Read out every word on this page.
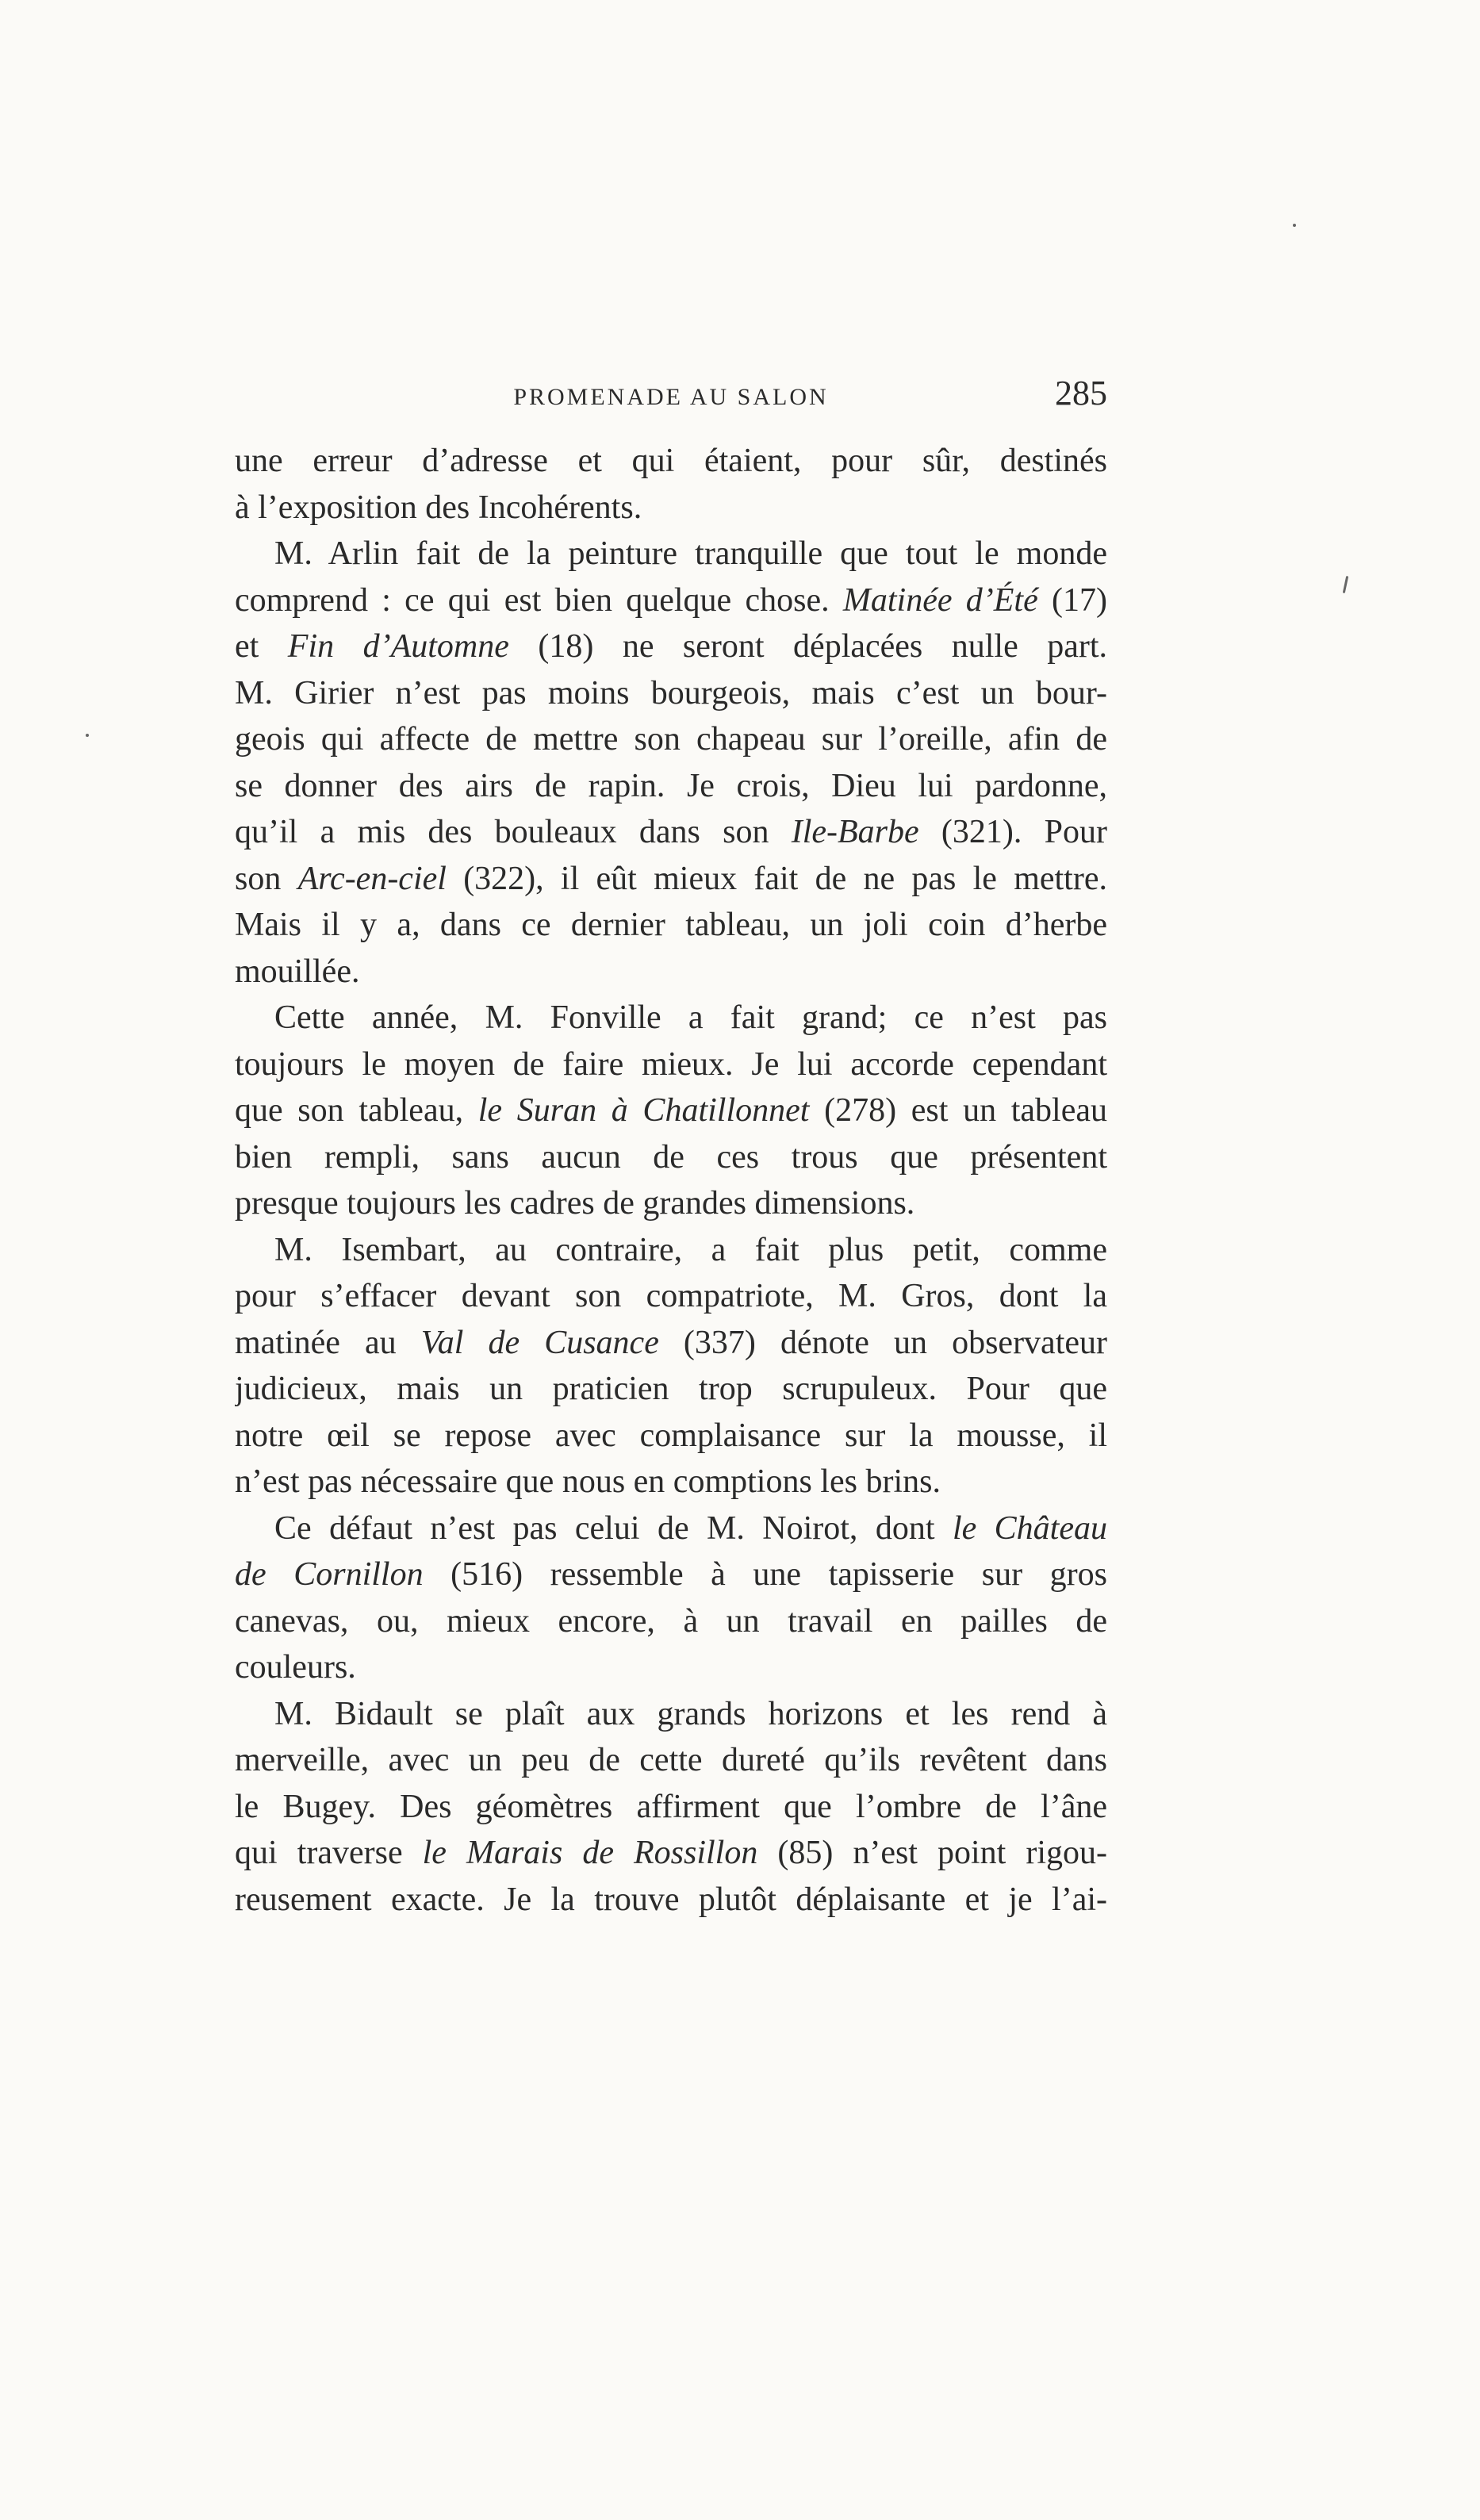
PROMENADE AU SALON	285
une erreur d’adresse et qui étaient, pour sûr, destinés
à l’exposition des Incohérents.
M. Arlin fait de la peinture tranquille que tout le monde
comprend : ce qui est bien quelque chose. Matinée d’Été (17)
et Fin d’Automne (18) ne seront déplacées nulle part.
M. Girier n’est pas moins bourgeois, mais c’est un bour-
geois qui affecte de mettre son chapeau sur l’oreille, afin de
se donner des airs de rapin. Je crois, Dieu lui pardonne,
qu’il a mis des bouleaux dans son Ile-Barbe (321). Pour
son Arc-en-ciel (322), il eût mieux fait de ne pas le mettre.
Mais il y a, dans ce dernier tableau, un joli coin d’herbe
mouillée.
Cette année, M. Fonville a fait grand; ce n’est pas
toujours le moyen de faire mieux. Je lui accorde cependant
que son tableau, le Suran à Chatillonnet (278) est un tableau
bien rempli, sans aucun de ces trous que présentent
presque toujours les cadres de grandes dimensions.
M. Isembart, au contraire, a fait plus petit, comme
pour s’effacer devant son compatriote, M. Gros, dont la
matinée au Val de Cusance (337) dénote un observateur
judicieux, mais un praticien trop scrupuleux. Pour que
notre œil se repose avec complaisance sur la mousse, il
n’est pas nécessaire que nous en comptions les brins.
Ce défaut n’est pas celui de M. Noirot, dont le Château
de Cornillon (516) ressemble à une tapisserie sur gros
canevas, ou, mieux encore, à un travail en pailles de
couleurs.
M. Bidault se plaît aux grands horizons et les rend à
merveille, avec un peu de cette dureté qu’ils revêtent dans
le Bugey. Des géomètres affirment que l’ombre de l’âne
qui traverse le Marais de Rossillon (85) n’est point rigou-
reusement exacte. Je la trouve plutôt déplaisante et je l’ai-
